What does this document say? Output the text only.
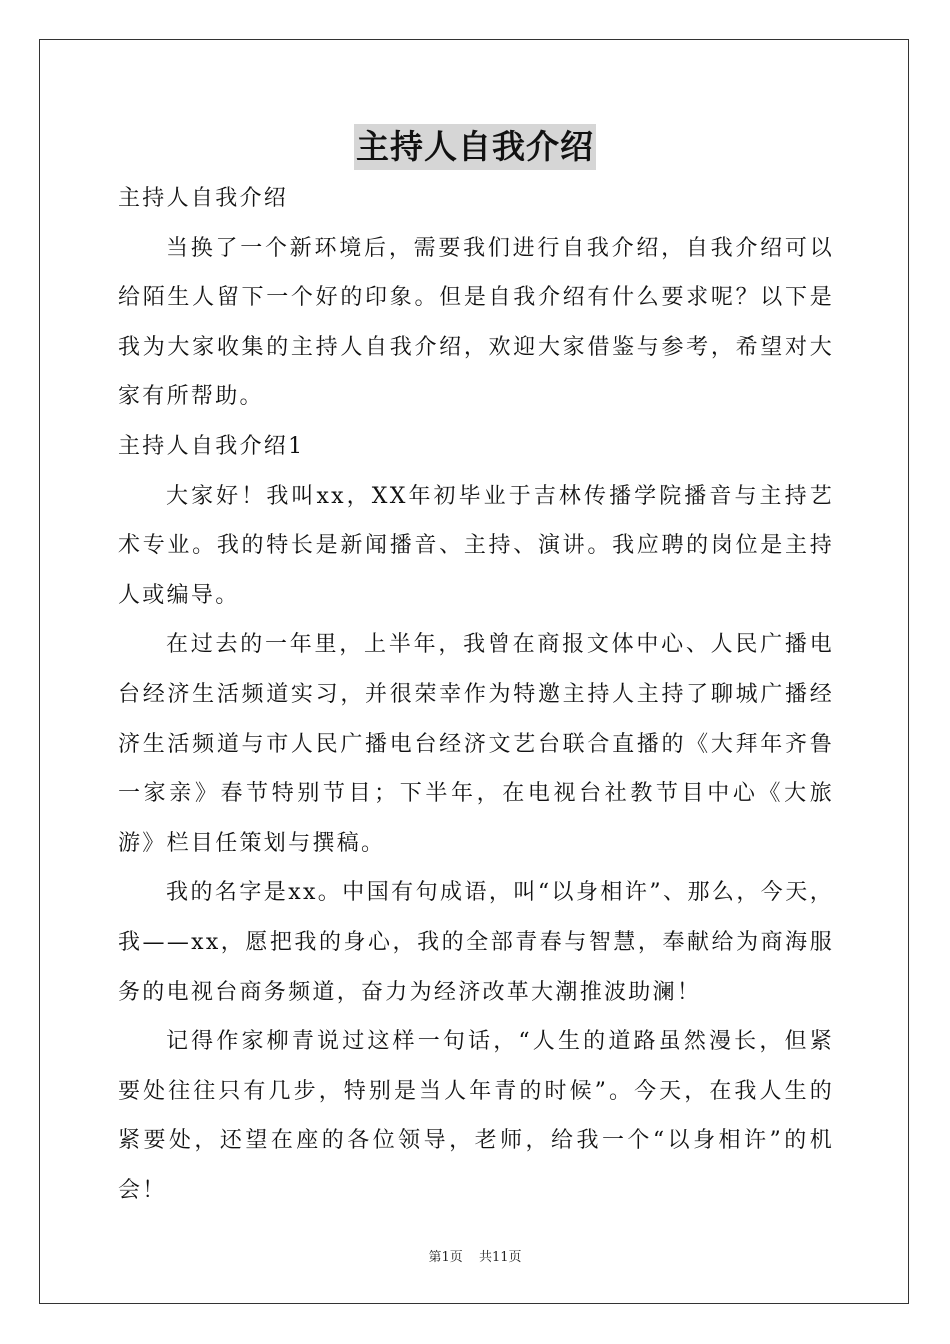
主持人自我介绍

主持人自我介绍

当换了一个新环境后，需要我们进行自我介绍，自我介绍可以给陌生人留下一个好的印象。但是自我介绍有什么要求呢？以下是我为大家收集的主持人自我介绍，欢迎大家借鉴与参考，希望对大家有所帮助。

主持人自我介绍1

大家好！我叫xx，XX年初毕业于吉林传播学院播音与主持艺术专业。我的特长是新闻播音、主持、演讲。我应聘的岗位是主持人或编导。

在过去的一年里，上半年，我曾在商报文体中心、人民广播电台经济生活频道实习，并很荣幸作为特邀主持人主持了聊城广播经济生活频道与市人民广播电台经济文艺台联合直播的《大拜年齐鲁一家亲》春节特别节目；下半年，在电视台社教节目中心《大旅游》栏目任策划与撰稿。

我的名字是xx。中国有句成语，叫“以身相许”、那么，今天，我——xx，愿把我的身心，我的全部青春与智慧，奉献给为商海服务的电视台商务频道，奋力为经济改革大潮推波助澜！

记得作家柳青说过这样一句话，“人生的道路虽然漫长，但紧要处往往只有几步，特别是当人年青的时候”。今天，在我人生的紧要处，还望在座的各位领导，老师，给我一个“以身相许”的机会！

第1页 共11页
